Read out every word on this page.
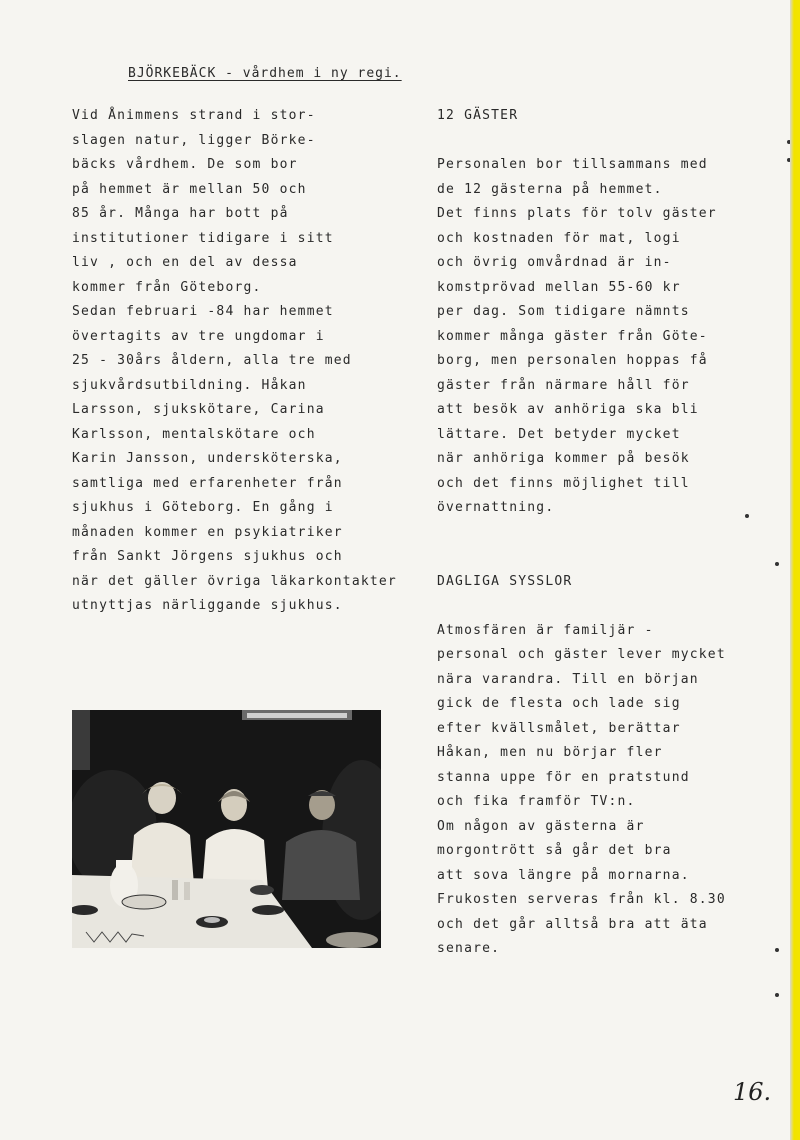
BJÖRKEBÄCK - vårdhem i ny regi.
Vid Ånimmens strand i stor-
slagen natur, ligger Börke-
bäcks vårdhem. De som bor
på hemmet är mellan 50 och
85 år. Många har bott på
institutioner tidigare i sitt
liv , och en del av dessa
kommer från Göteborg.
Sedan februari -84 har hemmet
övertagits av tre ungdomar i
25 - 30års åldern, alla tre med
sjukvårdsutbildning. Håkan
Larsson, sjukskötare, Carina
Karlsson, mentalskötare och
Karin Jansson, undersköterska,
samtliga med erfarenheter från
sjukhus i Göteborg. En gång i
månaden kommer en psykiatriker
från Sankt Jörgens sjukhus och
när det gäller övriga läkarkontakter
utnyttjas närliggande sjukhus.
12 GÄSTER
Personalen bor tillsammans med
de 12 gästerna på hemmet.
Det finns plats för tolv gäster
och kostnaden för mat, logi
och övrig omvårdnad är in-
komstprövad mellan 55-60 kr
per dag. Som tidigare nämnts
kommer många gäster från Göte-
borg, men personalen hoppas få
gäster från närmare håll för
att besök av anhöriga ska bli
lättare. Det betyder mycket
när anhöriga kommer på besök
och det finns möjlighet till
övernattning.
DAGLIGA SYSSLOR
Atmosfären är familjär -
personal och gäster lever mycket
nära varandra. Till en början
gick de flesta och lade sig
efter kvällsmålet, berättar
Håkan, men nu börjar fler
stanna uppe för en pratstund
och fika framför TV:n.
Om någon av gästerna är
morgontrött så går det bra
att sova längre på mornarna.
Frukosten serveras från kl. 8.30
och det går alltså bra att äta
senare.
16.
